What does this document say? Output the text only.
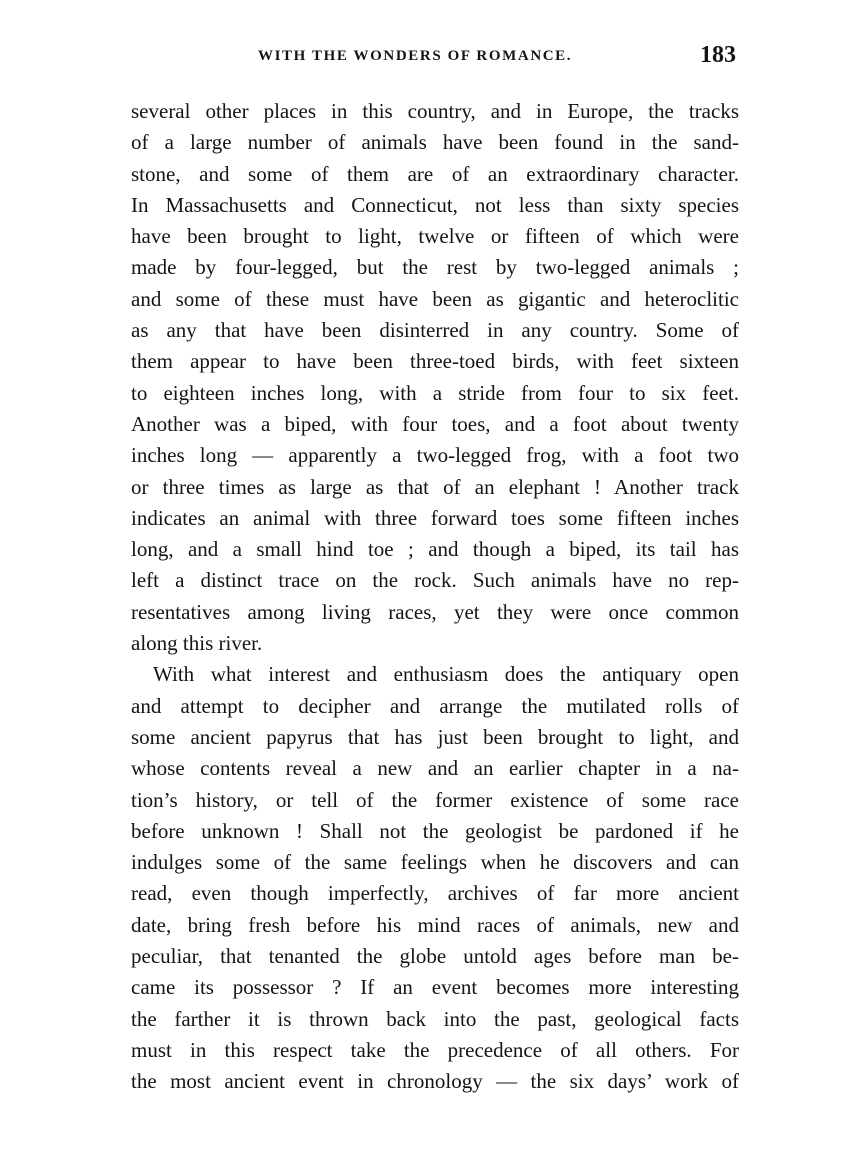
WITH THE WONDERS OF ROMANCE.	183
several other places in this country, and in Europe, the tracks
of a large number of animals have been found in the sand-
stone, and some of them are of an extraordinary character.
In Massachusetts and Connecticut, not less than sixty species
have been brought to light, twelve or fifteen of which were
made by four-legged, but the rest by two-legged animals ;
and some of these must have been as gigantic and heteroclitic
as any that have been disinterred in any country. Some of
them appear to have been three-toed birds, with feet sixteen
to eighteen inches long, with a stride from four to six feet.
Another was a biped, with four toes, and a foot about twenty
inches long — apparently a two-legged frog, with a foot two
or three times as large as that of an elephant ! Another track
indicates an animal with three forward toes some fifteen inches
long, and a small hind toe ; and though a biped, its tail has
left a distinct trace on the rock. Such animals have no rep-
resentatives among living races, yet they were once common
along this river.
With what interest and enthusiasm does the antiquary open
and attempt to decipher and arrange the mutilated rolls of
some ancient papyrus that has just been brought to light, and
whose contents reveal a new and an earlier chapter in a na-
tion’s history, or tell of the former existence of some race
before unknown ! Shall not the geologist be pardoned if he
indulges some of the same feelings when he discovers and can
read, even though imperfectly, archives of far more ancient
date, bring fresh before his mind races of animals, new and
peculiar, that tenanted the globe untold ages before man be-
came its possessor ? If an event becomes more interesting
the farther it is thrown back into the past, geological facts
must in this respect take the precedence of all others. For
the most ancient event in chronology — the six days’ work of
